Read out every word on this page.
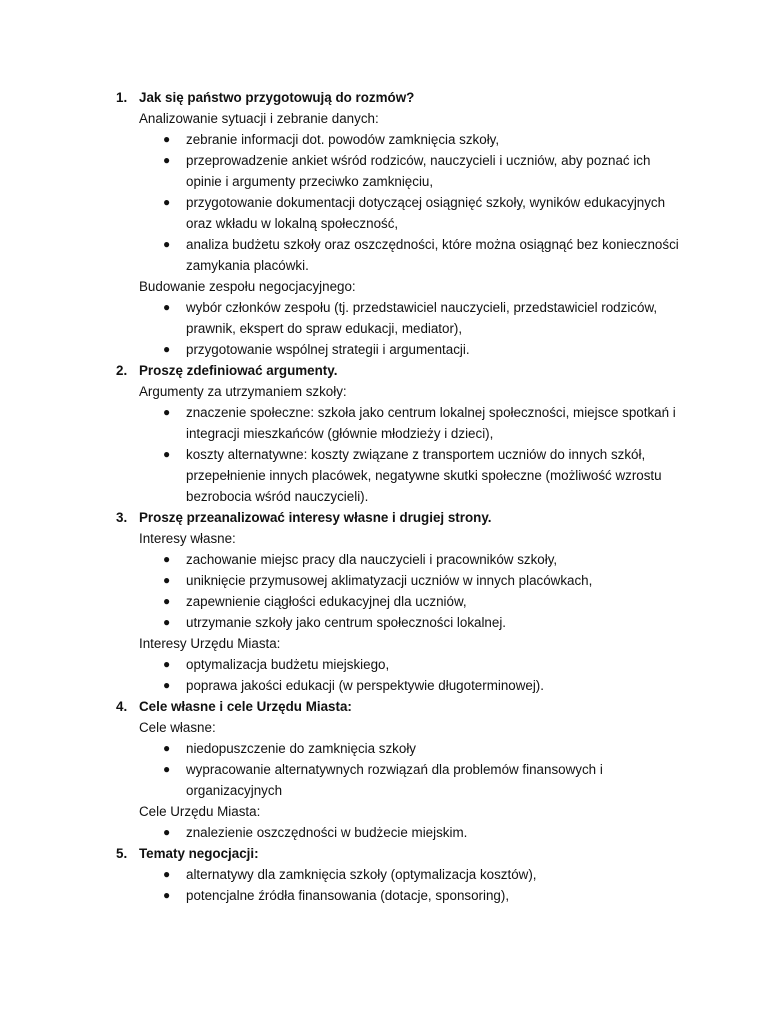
1. Jak się państwo przygotowują do rozmów?
Analizowanie sytuacji i zebranie danych:
● zebranie informacji dot. powodów zamknięcia szkoły,
● przeprowadzenie ankiet wśród rodziców, nauczycieli i uczniów, aby poznać ich opinie i argumenty przeciwko zamknięciu,
● przygotowanie dokumentacji dotyczącej osiągnięć szkoły, wyników edukacyjnych oraz wkładu w lokalną społeczność,
● analiza budżetu szkoły oraz oszczędności, które można osiągnąć bez konieczności zamykania placówki.
Budowanie zespołu negocjacyjnego:
● wybór członków zespołu (tj. przedstawiciel nauczycieli, przedstawiciel rodziców, prawnik, ekspert do spraw edukacji, mediator),
● przygotowanie wspólnej strategii i argumentacji.
2. Proszę zdefiniować argumenty.
Argumenty za utrzymaniem szkoły:
● znaczenie społeczne: szkoła jako centrum lokalnej społeczności, miejsce spotkań i integracji mieszkańców (głównie młodzieży i dzieci),
● koszty alternatywne: koszty związane z transportem uczniów do innych szkół, przepełnienie innych placówek, negatywne skutki społeczne (możliwość wzrostu bezrobocia wśród nauczycieli).
3. Proszę przeanalizować interesy własne i drugiej strony.
Interesy własne:
● zachowanie miejsc pracy dla nauczycieli i pracowników szkoły,
● uniknięcie przymusowej aklimatyzacji uczniów w innych placówkach,
● zapewnienie ciągłości edukacyjnej dla uczniów,
● utrzymanie szkoły jako centrum społeczności lokalnej.
Interesy Urzędu Miasta:
● optymalizacja budżetu miejskiego,
● poprawa jakości edukacji (w perspektywie długoterminowej).
4. Cele własne i cele Urzędu Miasta:
Cele własne:
● niedopuszczenie do zamknięcia szkoły
● wypracowanie alternatywnych rozwiązań dla problemów finansowych i organizacyjnych
Cele Urzędu Miasta:
● znalezienie oszczędności w budżecie miejskim.
5. Tematy negocjacji:
● alternatywy dla zamknięcia szkoły (optymalizacja kosztów),
● potencjalne źródła finansowania (dotacje, sponsoring),
